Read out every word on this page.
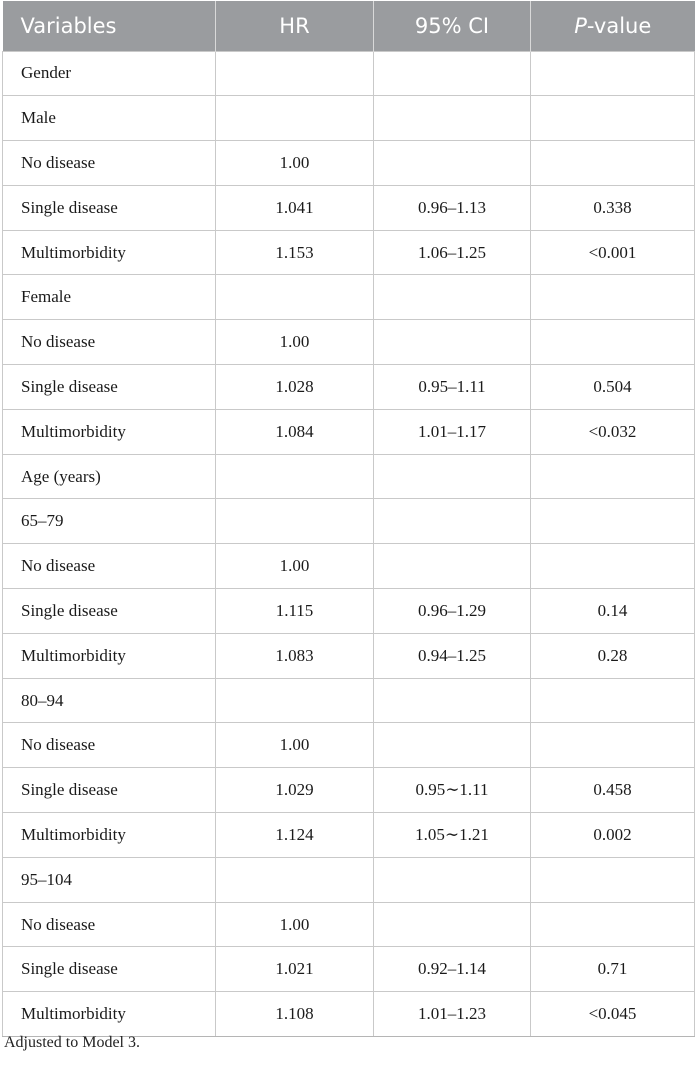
Variables	HR	95% CI	P-value
Gender			
Male			
No disease	1.00		
Single disease	1.041	0.96–1.13	0.338
Multimorbidity	1.153	1.06–1.25	<0.001
Female			
No disease	1.00		
Single disease	1.028	0.95–1.11	0.504
Multimorbidity	1.084	1.01–1.17	<0.032
Age (years)			
65–79			
No disease	1.00		
Single disease	1.115	0.96–1.29	0.14
Multimorbidity	1.083	0.94–1.25	0.28
80–94			
No disease	1.00		
Single disease	1.029	0.95∼1.11	0.458
Multimorbidity	1.124	1.05∼1.21	0.002
95–104			
No disease	1.00		
Single disease	1.021	0.92–1.14	0.71
Multimorbidity	1.108	1.01–1.23	<0.045
Adjusted to Model 3.
